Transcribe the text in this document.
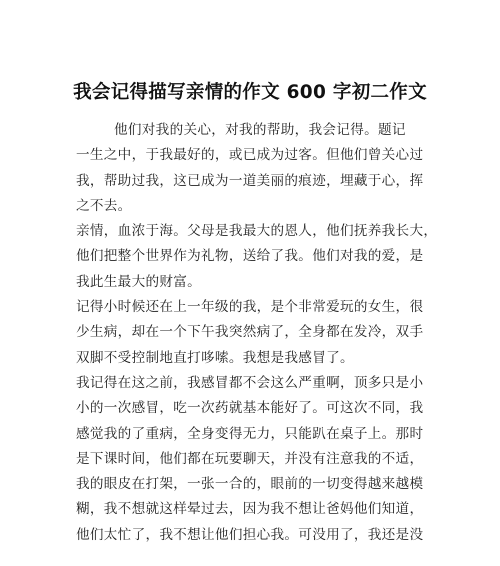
我会记得描写亲情的作文 600 字初二作文
他们对我的关心，对我的帮助，我会记得。题记
一生之中，于我最好的，或已成为过客。但他们曾关心过
我，帮助过我，这已成为一道美丽的痕迹，埋藏于心，挥
之不去。
亲情，血浓于海。父母是我最大的恩人，他们抚养我长大，
他们把整个世界作为礼物，送给了我。他们对我的爱，是
我此生最大的财富。
记得小时候还在上一年级的我，是个非常爱玩的女生，很
少生病，却在一个下午我突然病了，全身都在发冷，双手
双脚不受控制地直打哆嗦。我想是我感冒了。
我记得在这之前，我感冒都不会这么严重啊，顶多只是小
小的一次感冒，吃一次药就基本能好了。可这次不同，我
感觉我的了重病，全身变得无力，只能趴在桌子上。那时
是下课时间，他们都在玩要聊天，并没有注意我的不适，
我的眼皮在打架，一张一合的，眼前的一切变得越来越模
糊，我不想就这样晕过去，因为我不想让爸妈他们知道，
他们太忙了，我不想让他们担心我。可没用了，我还是没
